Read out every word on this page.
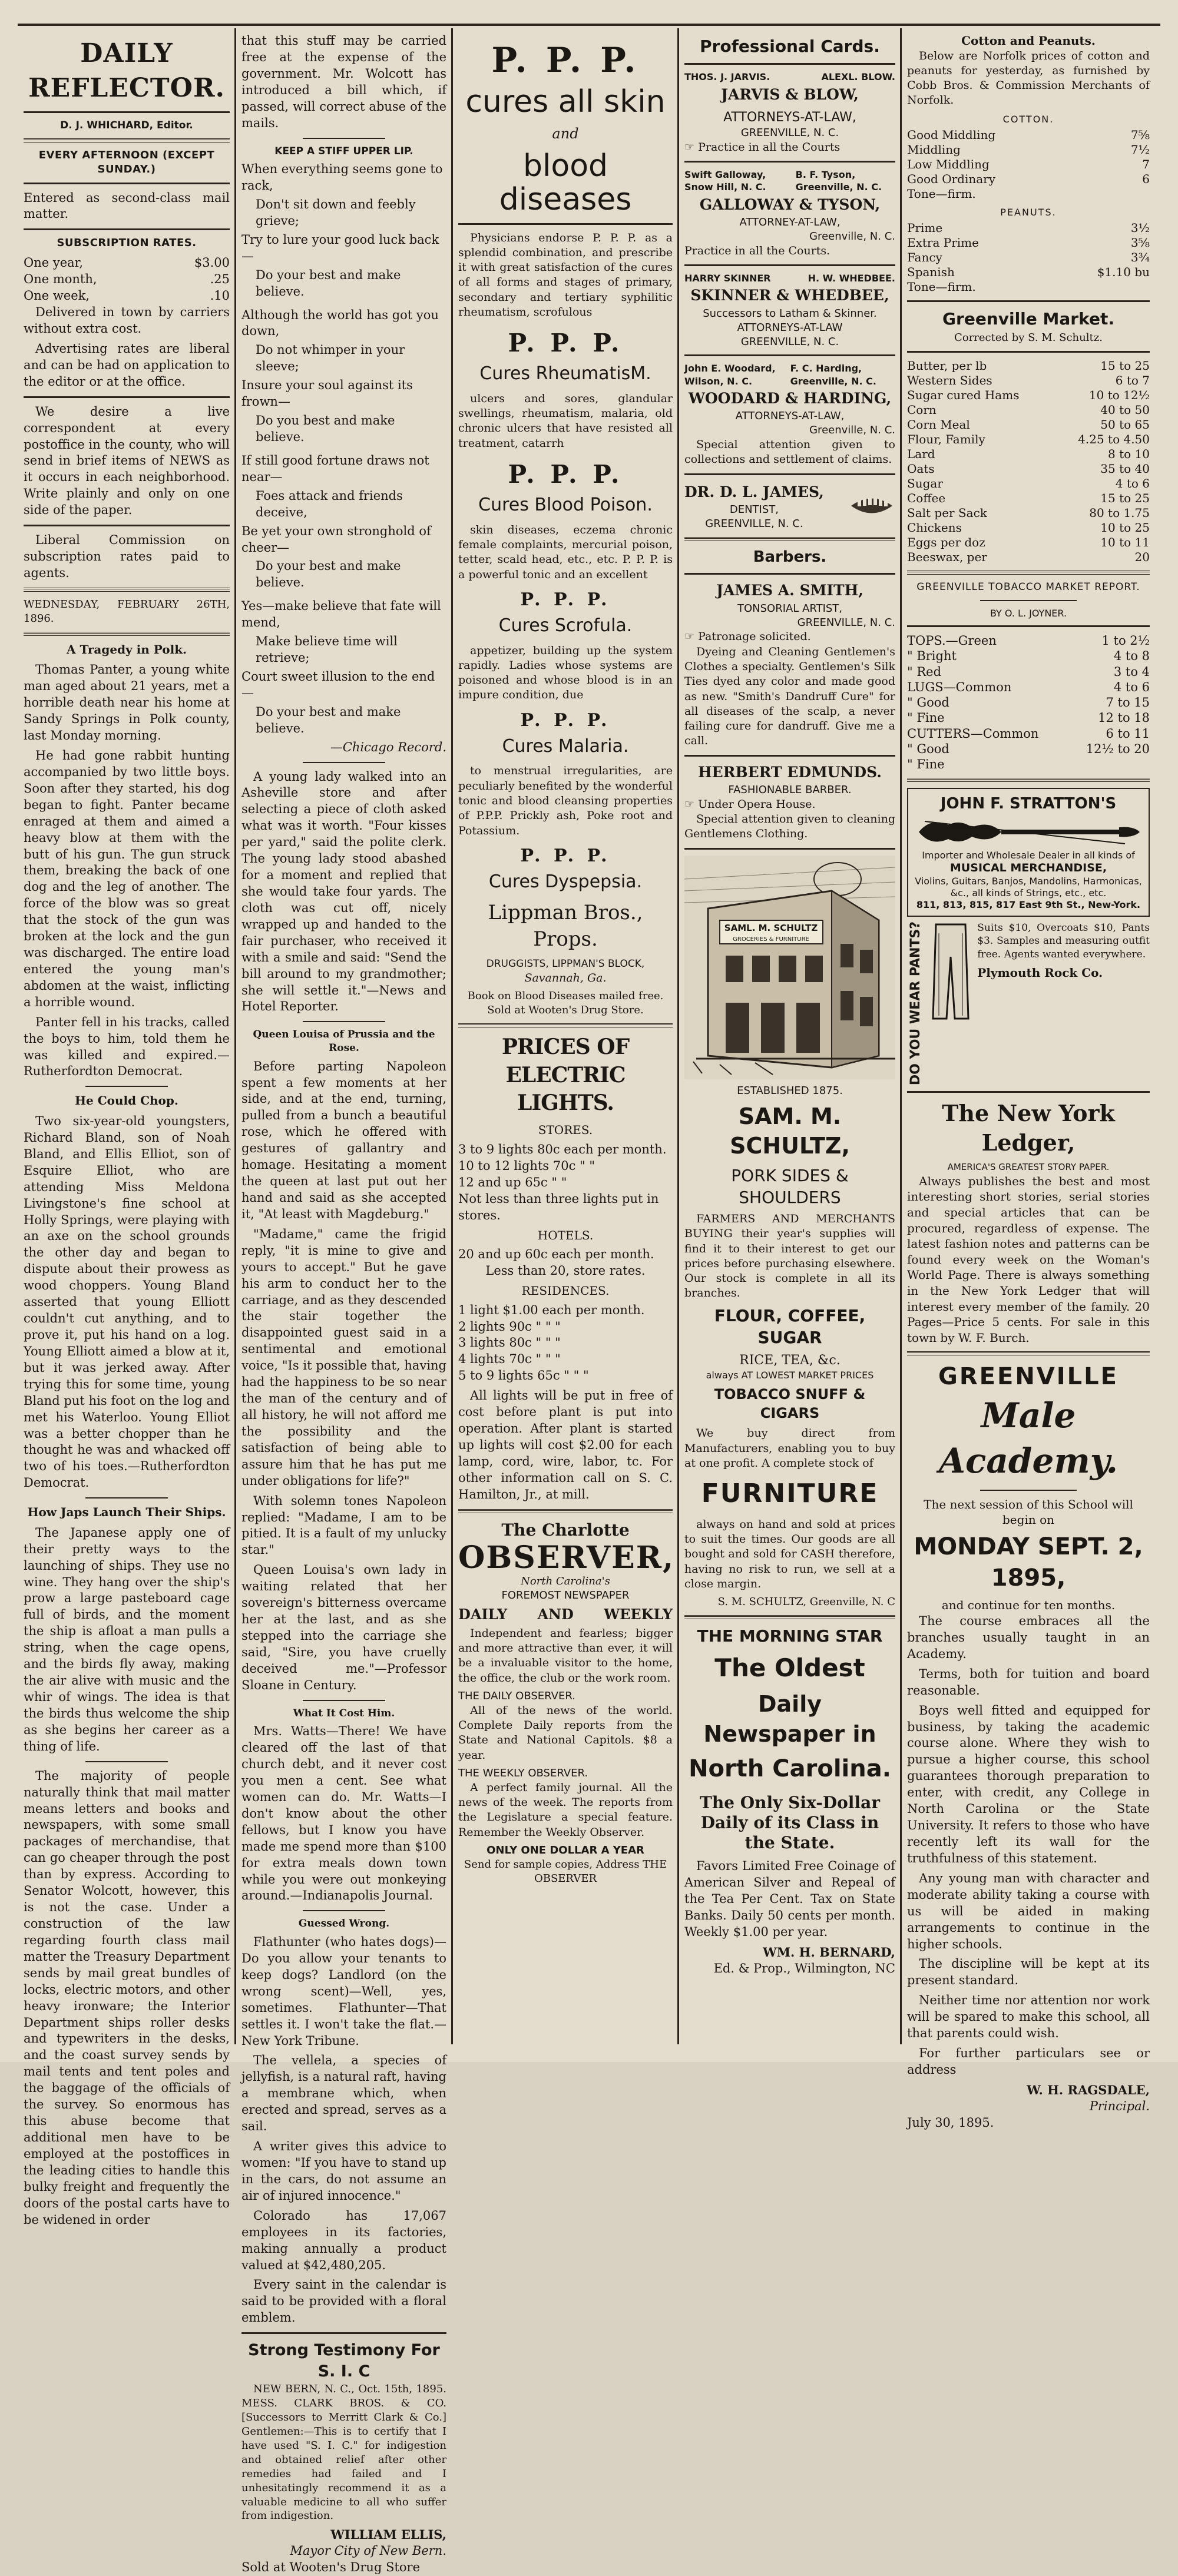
DAILY REFLECTOR.
D. J. WHICHARD, Editor.
EVERY AFTERNOON (EXCEPT SUNDAY.)

Entered as second-class mail matter.

SUBSCRIPTION RATES.
One year,	$3.00
One month,	.25
One week,	.10

Delivered in town by carriers without extra cost.

Advertising rates are liberal and can be had on application to the editor or at the office.

We desire a live correspondent at every postoffice in the county, who will send in brief items of NEWS as it occurs in each neighborhood. Write plainly and only on one side of the paper.

Liberal Commission on subscription rates paid to agents.

WEDNESDAY, FEBRUARY 26TH, 1896.

A Tragedy in Polk.

Thomas Panter, a young white man aged about 21 years, met a horrible death near his home at Sandy Springs in Polk county, last Monday morning.

He had gone rabbit hunting accompanied by two little boys. Soon after they started, his dog began to fight. Panter became enraged at them and aimed a heavy blow at them with the butt of his gun. The gun struck them, breaking the back of one dog and the leg of another. The force of the blow was so great that the stock of the gun was broken at the lock and the gun was discharged. The entire load entered the young man's abdomen at the waist, inflicting a horrible wound.

Panter fell in his tracks, called the boys to him, told them he was killed and expired.—Rutherfordton Democrat.

He Could Chop.

Two six-year-old youngsters, Richard Bland, son of Noah Bland, and Ellis Elliot, son of Esquire Elliot, who are attending Miss Meldona Livingstone's fine school at Holly Springs, were playing with an axe on the school grounds the other day and began to dispute about their prowess as wood choppers. Young Bland asserted that young Elliott couldn't cut anything, and to prove it, put his hand on a log. Young Elliott aimed a blow at it, but it was jerked away. After trying this for some time, young Bland put his foot on the log and met his Waterloo. Young Elliot was a better chopper than he thought he was and whacked off two of his toes.—Rutherfordton Democrat.

How Japs Launch Their Ships.

The Japanese apply one of their pretty ways to the launching of ships. They use no wine. They hang over the ship's prow a large pasteboard cage full of birds, and the moment the ship is afloat a man pulls a string, when the cage opens, and the birds fly away, making the air alive with music and the whir of wings. The idea is that the birds thus welcome the ship as she begins her career as a thing of life.

The majority of people naturally think that mail matter means letters and books and newspapers, with some small packages of merchandise, that can go cheaper through the post than by express. According to Senator Wolcott, however, this is not the case. Under a construction of the law regarding fourth class mail matter the Treasury Department sends by mail great bundles of locks, electric motors, and other heavy ironware; the Interior Department ships roller desks and typewriters in the desks, and the coast survey sends by mail tents and tent poles and the baggage of the officials of the survey. So enormous has this abuse become that additional men have to be employed at the postoffices in the leading cities to handle this bulky freight and frequently the doors of the postal carts have to be widened in order

that this stuff may be carried free at the expense of the government. Mr. Wolcott has introduced a bill which, if passed, will correct abuse of the mails.

KEEP A STIFF UPPER LIP.
When everything seems gone to rack,
Don't sit down and feebly grieve;
Try to lure your good luck back—
Do your best and make believe.
Although the world has got you down,
Do not whimper in your sleeve;
Insure your soul against its frown—
Do you best and make believe.
If still good fortune draws not near—
Foes attack and friends deceive,
Be yet your own stronghold of cheer—
Do your best and make believe.
Yes—make believe that fate will mend,
Make believe time will retrieve;
Court sweet illusion to the end—
Do your best and make believe.
—Chicago Record.

A young lady walked into an Asheville store and after selecting a piece of cloth asked what was it worth. "Four kisses per yard," said the polite clerk. The young lady stood abashed for a moment and replied that she would take four yards. The cloth was cut off, nicely wrapped up and handed to the fair purchaser, who received it with a smile and said: "Send the bill around to my grandmother; she will settle it."—News and Hotel Reporter.

Queen Louisa of Prussia and the Rose.

Before parting Napoleon spent a few moments at her side, and at the end, turning, pulled from a bunch a beautiful rose, which he offered with gestures of gallantry and homage. Hesitating a moment the queen at last put out her hand and said as she accepted it, "At least with Magdeburg."

"Madame," came the frigid reply, "it is mine to give and yours to accept." But he gave his arm to conduct her to the carriage, and as they descended the stair together the disappointed guest said in a sentimental and emotional voice, "Is it possible that, having had the happiness to be so near the man of the century and of all history, he will not afford me the possibility and the satisfaction of being able to assure him that he has put me under obligations for life?"

With solemn tones Napoleon replied: "Madame, I am to be pitied. It is a fault of my unlucky star."

Queen Louisa's own lady in waiting related that her sovereign's bitterness overcame her at the last, and as she stepped into the carriage she said, "Sire, you have cruelly deceived me."—Professor Sloane in Century.

What It Cost Him.

Mrs. Watts—There! We have cleared off the last of that church debt, and it never cost you men a cent. See what women can do. Mr. Watts—I don't know about the other fellows, but I know you have made me spend more than $100 for extra meals down town while you were out monkeying around.—Indianapolis Journal.

Guessed Wrong.

Flathunter (who hates dogs)—Do you allow your tenants to keep dogs? Landlord (on the wrong scent)—Well, yes, sometimes. Flathunter—That settles it. I won't take the flat.—New York Tribune.

The vellela, a species of jellyfish, is a natural raft, having a membrane which, when erected and spread, serves as a sail.

A writer gives this advice to women: "If you have to stand up in the cars, do not assume an air of injured innocence."

Colorado has 17,067 employees in its factories, making annually a product valued at $42,480,205.

Every saint in the calendar is said to be provided with a floral emblem.

Strong Testimony For S. I. C

NEW BERN, N. C., Oct. 15th, 1895. MESS. CLARK BROS. & CO. [Successors to Merritt Clark & Co.] Gentlemen:—This is to certify that I have used "S. I. C." for indigestion and obtained relief after other remedies had failed and I unhesitatingly recommend it as a valuable medicine to all who suffer from indigestion.

WILLIAM ELLIS,
Mayor City of New Bern.
Sold at Wooten's Drug Store
P. P. P.
cures all skin
and
blood diseases

Physicians endorse P. P. P. as a splendid combination, and prescribe it with great satisfaction of the cures of all forms and stages of primary, secondary and tertiary syphilitic rheumatism, scrofulous

P. P. P.
Cures RheumatisM.

ulcers and sores, glandular swellings, rheumatism, malaria, old chronic ulcers that have resisted all treatment, catarrh

P. P. P.
Cures Blood Poison.

skin diseases, eczema chronic female complaints, mercurial poison, tetter, scald head, etc., etc. P. P. P. is a powerful tonic and an excellent

P. P. P.
Cures Scrofula.

appetizer, building up the system rapidly. Ladies whose systems are poisoned and whose blood is in an impure condition, due

P. P. P.
Cures Malaria.

to menstrual irregularities, are peculiarly benefited by the wonderful tonic and blood cleansing properties of P.P.P. Prickly ash, Poke root and Potassium.

P. P. P.
Cures Dyspepsia.
Lippman Bros., Props.
DRUGGISTS, LIPPMAN'S BLOCK,
Savannah, Ga.
Book on Blood Diseases mailed free.
Sold at Wooten's Drug Store.
PRICES OF ELECTRIC LIGHTS.
STORES.
3 to 9 lights 80c each per month.
10 to 12 lights 70c " "
12 and up 65c " "
Not less than three lights put in stores.
HOTELS.
20 and up 60c each per month.
Less than 20, store rates.
RESIDENCES.
1 light $1.00 each per month.
2 lights 90c " " "
3 lights 80c " " "
4 lights 70c " " "
5 to 9 lights 65c " " "

All lights will be put in free of cost before plant is put into operation. After plant is started up lights will cost $2.00 for each lamp, cord, wire, labor, tc. For other information call on S. C. Hamilton, Jr., at mill.

The Charlotte
OBSERVER,
North Carolina's
FOREMOST NEWSPAPER
DAILY AND WEEKLY

Independent and fearless; bigger and more attractive than ever, it will be a invaluable visitor to the home, the office, the club or the work room.

THE DAILY OBSERVER.

All of the news of the world. Complete Daily reports from the State and National Capitols. $8 a year.

THE WEEKLY OBSERVER.

A perfect family journal. All the news of the week. The reports from the Legislature a special feature. Remember the Weekly Observer.

ONLY ONE DOLLAR A YEAR
Send for sample copies, Address THE OBSERVER
Professional Cards.
THOS. J. JARVIS.	ALEXL. BLOW.
JARVIS & BLOW,
ATTORNEYS-AT-LAW,
GREENVILLE, N. C.
☞ Practice in all the Courts
Swift Galloway, Snow Hill, N. C.
B. F. Tyson, Greenville, N. C.
GALLOWAY & TYSON,
ATTORNEY-AT-LAW,
Greenville, N. C.
Practice in all the Courts.
HARRY SKINNER	H. W. WHEDBEE.
SKINNER & WHEDBEE,
Successors to Latham & Skinner.
ATTORNEYS-AT-LAW
GREENVILLE, N. C.
John E. Woodard, Wilson, N. C.
F. C. Harding, Greenville, N. C.
WOODARD & HARDING,
ATTORNEYS-AT-LAW,
Greenville, N. C.

Special attention given to collections and settlement of claims.

DR. D. L. JAMES,
DENTIST,
GREENVILLE, N. C.
Barbers.
JAMES A. SMITH,
TONSORIAL ARTIST,
GREENVILLE, N. C.
☞ Patronage solicited.

Dyeing and Cleaning Gentlemen's Clothes a specialty. Gentlemen's Silk Ties dyed any color and made good as new. "Smith's Dandruff Cure" for all diseases of the scalp, a never failing cure for dandruff. Give me a call.

HERBERT EDMUNDS.
FASHIONABLE BARBER.
☞ Under Opera House.

Special attention given to cleaning Gentlemens Clothing.

SAML. M. SCHULTZ
GROCERIES & FURNITURE
ESTABLISHED 1875.
SAM. M. SCHULTZ,
PORK SIDES & SHOULDERS

FARMERS AND MERCHANTS BUYING their year's supplies will find it to their interest to get our prices before purchasing elsewhere. Our stock is complete in all its branches.

FLOUR, COFFEE, SUGAR
RICE, TEA, &c.
always AT LOWEST MARKET PRICES
TOBACCO SNUFF & CIGARS

We buy direct from Manufacturers, enabling you to buy at one profit. A complete stock of

FURNITURE

always on hand and sold at prices to suit the times. Our goods are all bought and sold for CASH therefore, having no risk to run, we sell at a close margin.

S. M. SCHULTZ, Greenville, N. C
THE MORNING STAR
The Oldest
Daily Newspaper in
North Carolina.
The Only Six-Dollar Daily of its Class in the State.

Favors Limited Free Coinage of American Silver and Repeal of the Tea Per Cent. Tax on State Banks. Daily 50 cents per month. Weekly $1.00 per year.

WM. H. BERNARD,
Ed. & Prop., Wilmington, NC
Cotton and Peanuts.

Below are Norfolk prices of cotton and peanuts for yesterday, as furnished by Cobb Bros. & Commission Merchants of Norfolk.

COTTON.
Good Middling	7⅝
Middling	7½
Low Middling	7
Good Ordinary	6
Tone—firm.	
PEANUTS.
Prime	3½
Extra Prime	3⅝
Fancy	3¾
Spanish	$1.10 bu
Tone—firm.	
Greenville Market.
Corrected by S. M. Schultz.
Butter, per lb	15 to 25
Western Sides	6 to 7
Sugar cured Hams	10 to 12½
Corn	40 to 50
Corn Meal	50 to 65
Flour, Family	4.25 to 4.50
Lard	8 to 10
Oats	35 to 40
Sugar	4 to 6
Coffee	15 to 25
Salt per Sack	80 to 1.75
Chickens	10 to 25
Eggs per doz	10 to 11
Beeswax, per	20
GREENVILLE TOBACCO MARKET REPORT.
BY O. L. JOYNER.
TOPS.—Green	1 to 2½
" Bright	4 to 8
" Red	3 to 4
LUGS—Common	4 to 6
" Good	7 to 15
" Fine	12 to 18
CUTTERS—Common	6 to 11
" Good	12½ to 20
" Fine	
JOHN F. STRATTON'S
Importer and Wholesale Dealer in all kinds of
MUSICAL MERCHANDISE,
Violins, Guitars, Banjos, Mandolins, Harmonicas, &c., all kinds of Strings, etc., etc.
811, 813, 815, 817 East 9th St., New-York.
DO YOU WEAR PANTS?	Suits $10, Overcoats $10, Pants $3. Samples and measuring outfit free. Agents wanted everywhere.

Plymouth Rock Co.
The New York Ledger,
AMERICA'S GREATEST STORY PAPER.

Always publishes the best and most interesting short stories, serial stories and special articles that can be procured, regardless of expense. The latest fashion notes and patterns can be found every week on the Woman's World Page. There is always something in the New York Ledger that will interest every member of the family. 20 Pages—Price 5 cents. For sale in this town by W. F. Burch.

GREENVILLE
Male Academy.
The next session of this School will begin on
MONDAY SEPT. 2, 1895,
and continue for ten months.

The course embraces all the branches usually taught in an Academy.

Terms, both for tuition and board reasonable.

Boys well fitted and equipped for business, by taking the academic course alone. Where they wish to pursue a higher course, this school guarantees thorough preparation to enter, with credit, any College in North Carolina or the State University. It refers to those who have recently left its wall for the truthfulness of this statement.

Any young man with character and moderate ability taking a course with us will be aided in making arrangements to continue in the higher schools.

The discipline will be kept at its present standard.

Neither time nor attention nor work will be spared to make this school, all that parents could wish.

For further particulars see or address

W. H. RAGSDALE,
Principal.
July 30, 1895.
